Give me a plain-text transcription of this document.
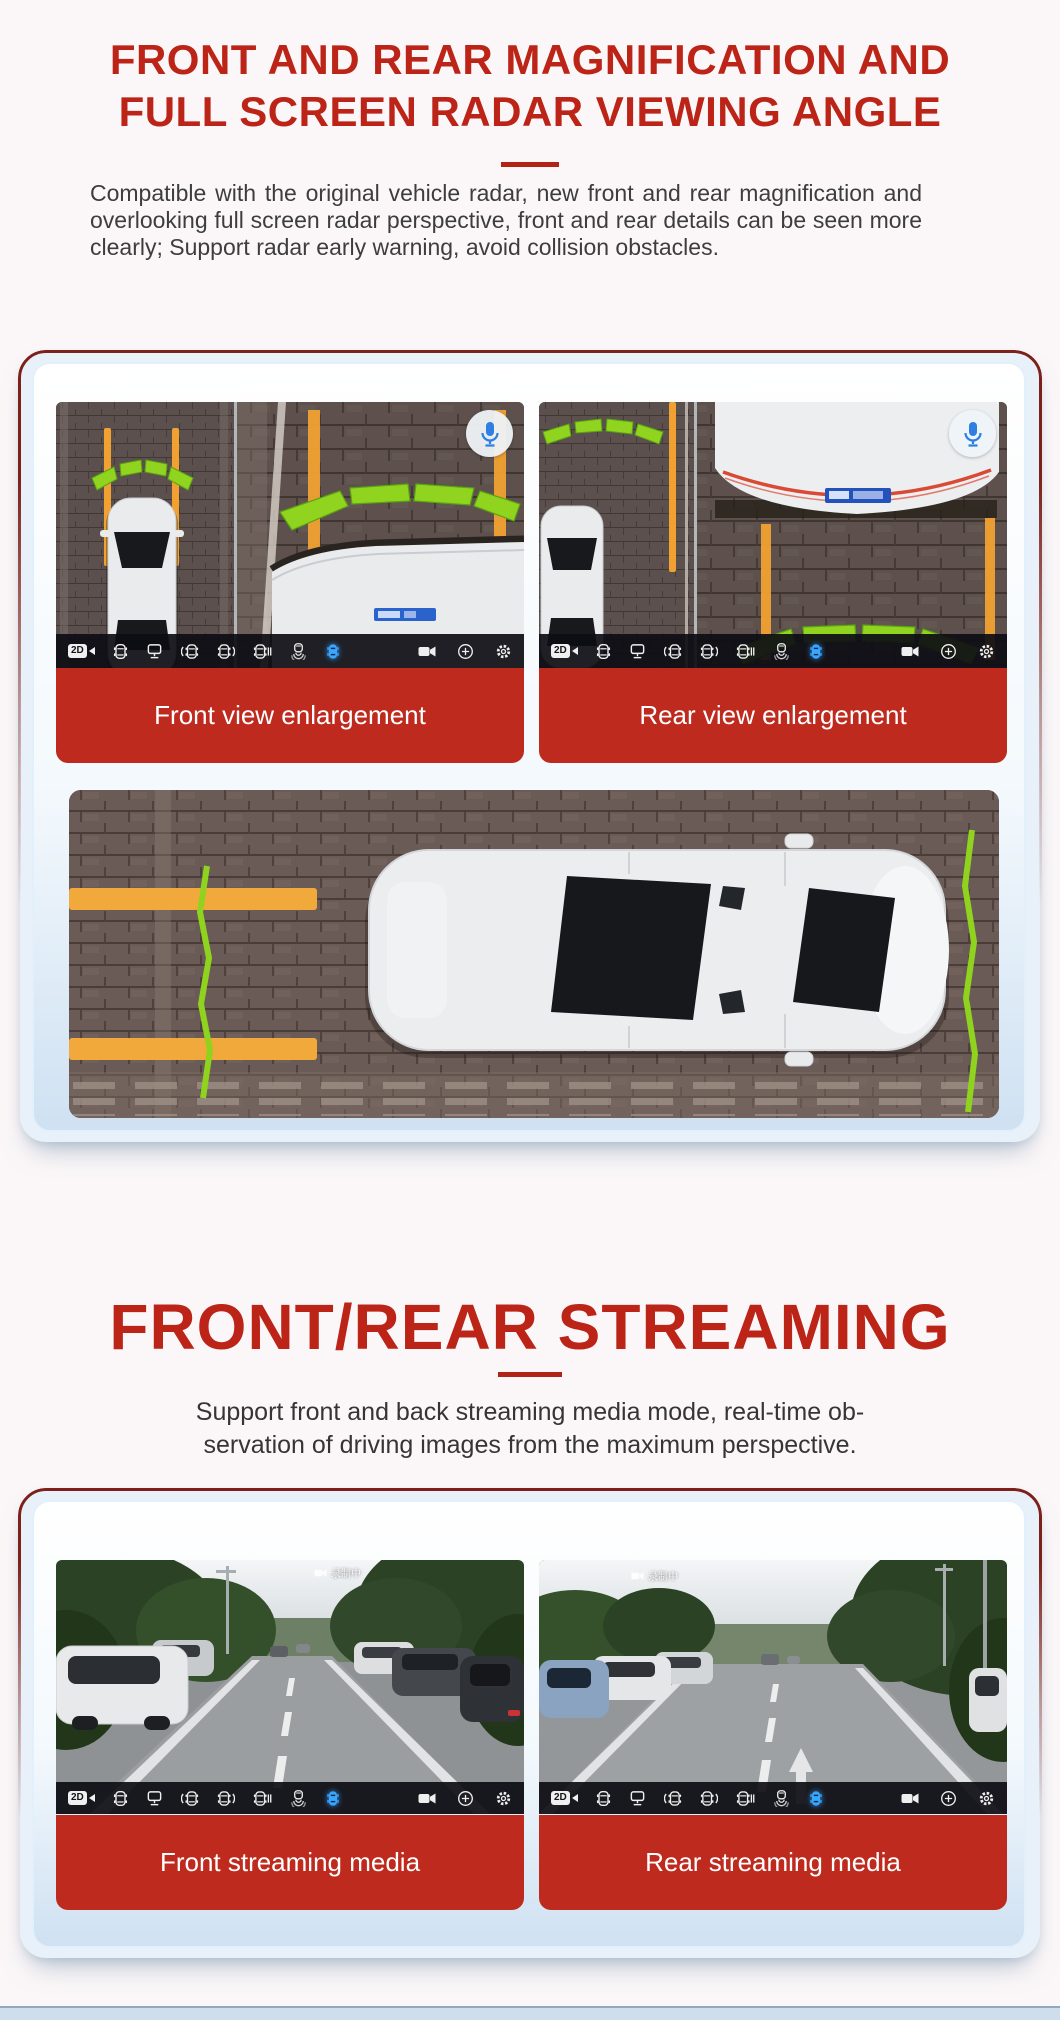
FRONT AND REAR MAGNIFICATION AND
FULL SCREEN RADAR VIEWING ANGLE

Compatible with the original vehicle radar, new front and rear magnification and overlooking full screen radar perspective, front and rear details can be seen more clearly; Support radar early warning, avoid collision obstacles.

2D
Front view enlargement
2D
Rear view enlargement
FRONT/REAR STREAMING
Support front and back streaming media mode, real-time ob-
servation of driving images from the maximum perspective.
录制中
2D
Front streaming media
录制中
2D
Rear streaming media
